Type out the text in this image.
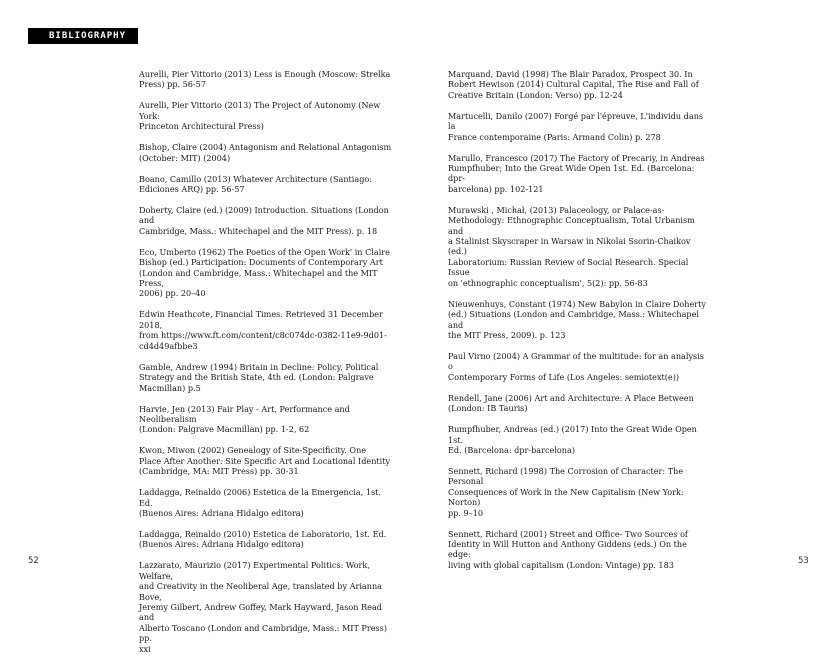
BIBLIOGRAPHY

Aurelli, Pier Vittorio (2013) Less is Enough (Moscow: Strelka
Press) pp. 56-57

Aurelli, Pier Vittorio (2013) The Project of Autonomy (New York:
Princeton Architectural Press)

Bishop, Claire (2004) Antagonism and Relational Antagonism
(October: MIT) (2004)

Boano, Camillo (2013) Whatever Architecture (Santiago:
Ediciones ARQ) pp. 56-57

Doherty, Claire (ed.) (2009) Introduction. Situations (London and
Cambridge, Mass.: Whitechapel and the MIT Press). p. 18

Eco, Umberto (1962) The Poetics of the Open Work' in Claire
Bishop (ed.) Participation: Documents of Contemporary Art
(London and Cambridge, Mass.: Whitechapel and the MIT Press,
2006) pp. 20–40

Edwin Heathcote, Financial Times. Retrieved 31 December 2018,
from https://www.ft.com/content/c8c074dc-0382-11e9-9d01-
cd4d49afbbe3

Gamble, Andrew (1994) Britain in Decline: Policy, Political
Strategy and the British State, 4th ed. (London: Palgrave
Macmillan) p.5

Harvie, Jen (2013) Fair Play - Art, Performance and Neoliberalism
(London: Palgrave Macmillan) pp. 1-2, 62

Kwon, Miwon (2002) Genealogy of Site-Specificity. One
Place After Another: Site Specific Art and Locational Identity
(Cambridge, MA: MIT Press) pp. 30-31

Laddagga, Reinaldo (2006) Estetica de la Emergencia, 1st. Ed.
(Buenos Aires: Adriana Hidalgo editora)

Laddagga, Reinaldo (2010) Estetica de Laboratorio, 1st. Ed.
(Buenos Aires: Adriana Hidalgo editora)

Lazzarato, Maurizio (2017) Experimental Politics: Work, Welfare,
and Creativity in the Neoliberal Age, translated by Arianna Bove,
Jeremy Gilbert, Andrew Goffey, Mark Hayward, Jason Read and
Alberto Toscano (London and Cambridge, Mass.: MIT Press) pp.
xxi

Marquand, David (1998) The Blair Paradox, Prospect 30. In
Robert Hewison (2014) Cultural Capital, The Rise and Fall of
Creative Britain (London: Verso) pp. 12-24

Martucelli, Danilo (2007) Forgé par l'épreuve, L'individu dans la
France contemporaine (Paris: Armand Colin) p. 278

Marullo, Francesco (2017) The Factory of Precariy, in Andreas
Rumpfhuber; Into the Great Wide Open 1st. Ed. (Barcelona: dpr-
barcelona) pp. 102-121

Murawski , Michał, (2013) Palaceology, or Palace-as-
Methodology: Ethnographic Conceptualism, Total Urbanism and
a Stalinist Skyscraper in Warsaw in Nikolai Ssorin-Chaikov (ed.)
Laboratorium: Russian Review of Social Research. Special Issue
on 'ethnographic conceptualism', 5(2): pp. 56-83

Nieuwenhuys, Constant (1974) New Babylon in Claire Doherty
(ed.) Situations (London and Cambridge, Mass.: Whitechapel and
the MIT Press, 2009). p. 123

Paul Virno (2004) A Grammar of the multitude: for an analysis o
Contemporary Forms of Life (Los Angeles: semiotext(e))

Rendell, Jane (2006) Art and Architecture: A Place Between
(London: IB Tauris)

Rumpfhuber, Andreas (ed.) (2017) Into the Great Wide Open 1st.
Ed. (Barcelona: dpr-barcelona)

Sennett, Richard (1998) The Corrosion of Character: The Personal
Consequences of Work in the New Capitalism (New York: Norton)
pp. 9–10

Sennett, Richard (2001) Street and Office- Two Sources of
Identity in Will Hutton and Anthony Giddens (eds.) On the edge:
living with global capitalism (London: Vintage) pp. 183

52	53
